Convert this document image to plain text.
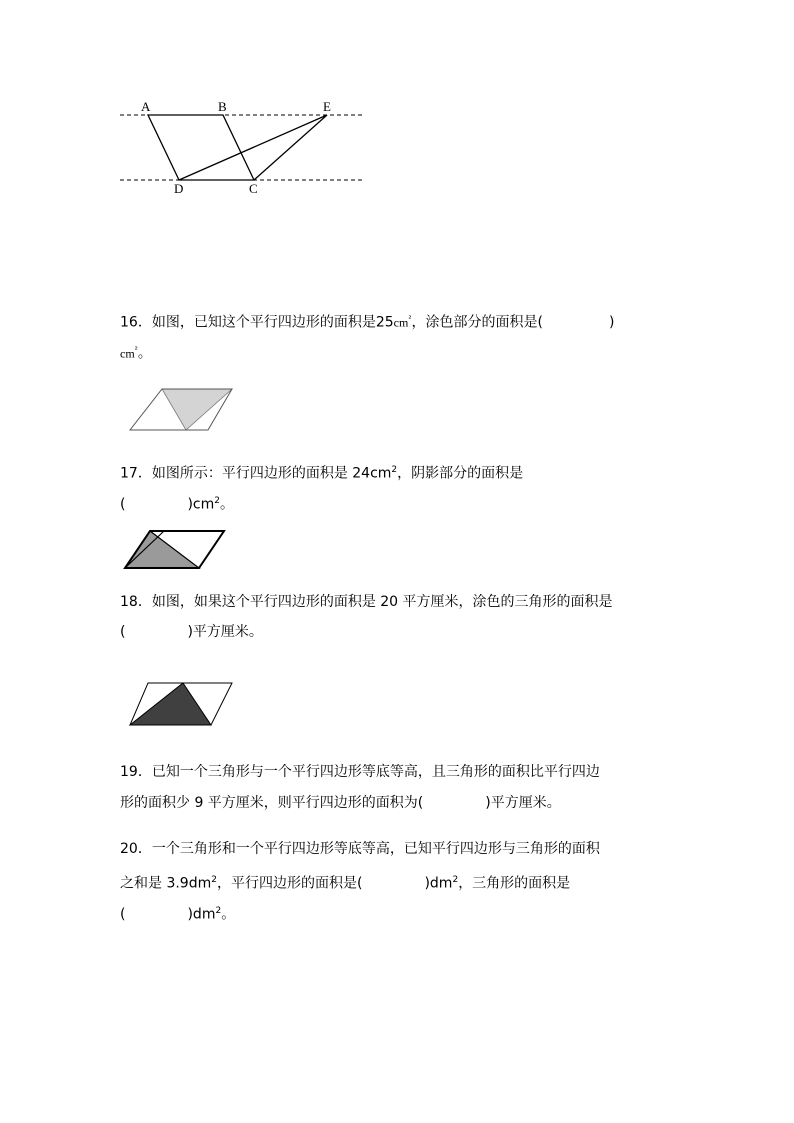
A	B	E
D	C
16．如图，已知这个平行四边形的面积是$25cm^{^2}$，涂色部分的面积是(	)
$cm^{^2}$。
17．如图所示：平行四边形的面积是 $24cm^2$，阴影部分的面积是
(	)$cm^2$。
18．如图，如果这个平行四边形的面积是 20 平方厘米，涂色的三角形的面积是
(	)平方厘米。
19．已知一个三角形与一个平行四边形等底等高，且三角形的面积比平行四边
形的面积少 9 平方厘米，则平行四边形的面积为(	)平方厘米。
20．一个三角形和一个平行四边形等底等高，已知平行四边形与三角形的面积
之和是 $3.9dm^2$，平行四边形的面积是(	)$dm^2$，三角形的面积是
(	)$dm^2$。
